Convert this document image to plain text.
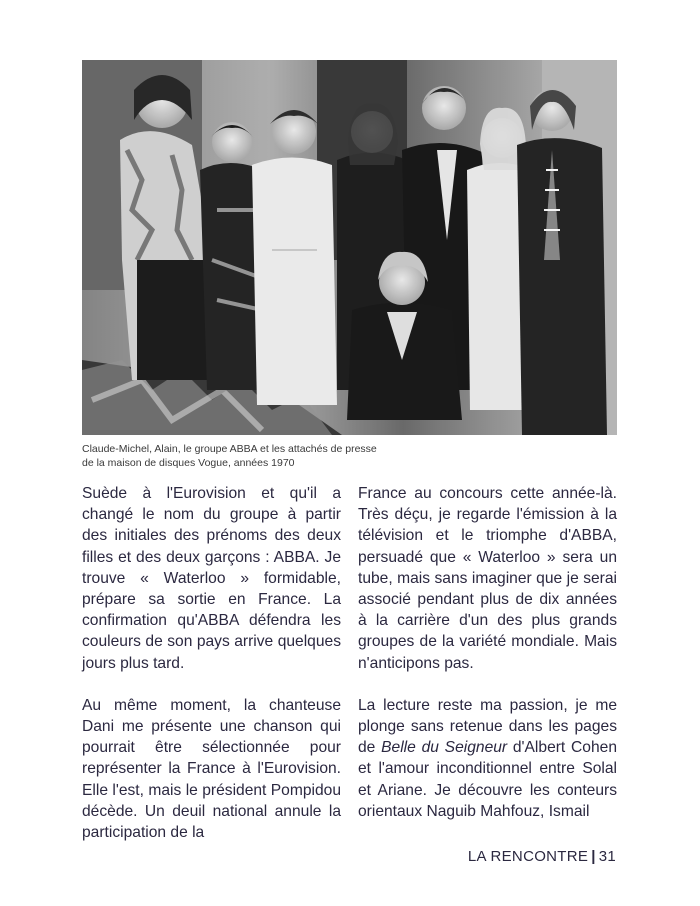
Claude-Michel, Alain, le groupe ABBA et les attachés de presse
de la maison de disques Vogue, années 1970

Suède à l'Eurovision et qu'il a changé le nom du groupe à partir des initiales des prénoms des deux filles et des deux garçons : ABBA. Je trouve « Waterloo » formidable, prépare sa sortie en France. La confirmation qu'ABBA défendra les couleurs de son pays arrive quelques jours plus tard.

Au même moment, la chanteuse Dani me présente une chanson qui pourrait être sélectionnée pour représenter la France à l'Eurovision. Elle l'est, mais le président Pompidou décède. Un deuil national annule la participation de la

France au concours cette année-là. Très déçu, je regarde l'émission à la télévision et le triomphe d'ABBA, persuadé que « Waterloo » sera un tube, mais sans imaginer que je serai associé pendant plus de dix années à la carrière d'un des plus grands groupes de la variété mondiale. Mais n'anticipons pas.

La lecture reste ma passion, je me plonge sans retenue dans les pages de Belle du Seigneur d'Albert Cohen et l'amour inconditionnel entre Solal et Ariane. Je découvre les conteurs orientaux Naguib Mahfouz, Ismail

LA RENCONTRE | 31
